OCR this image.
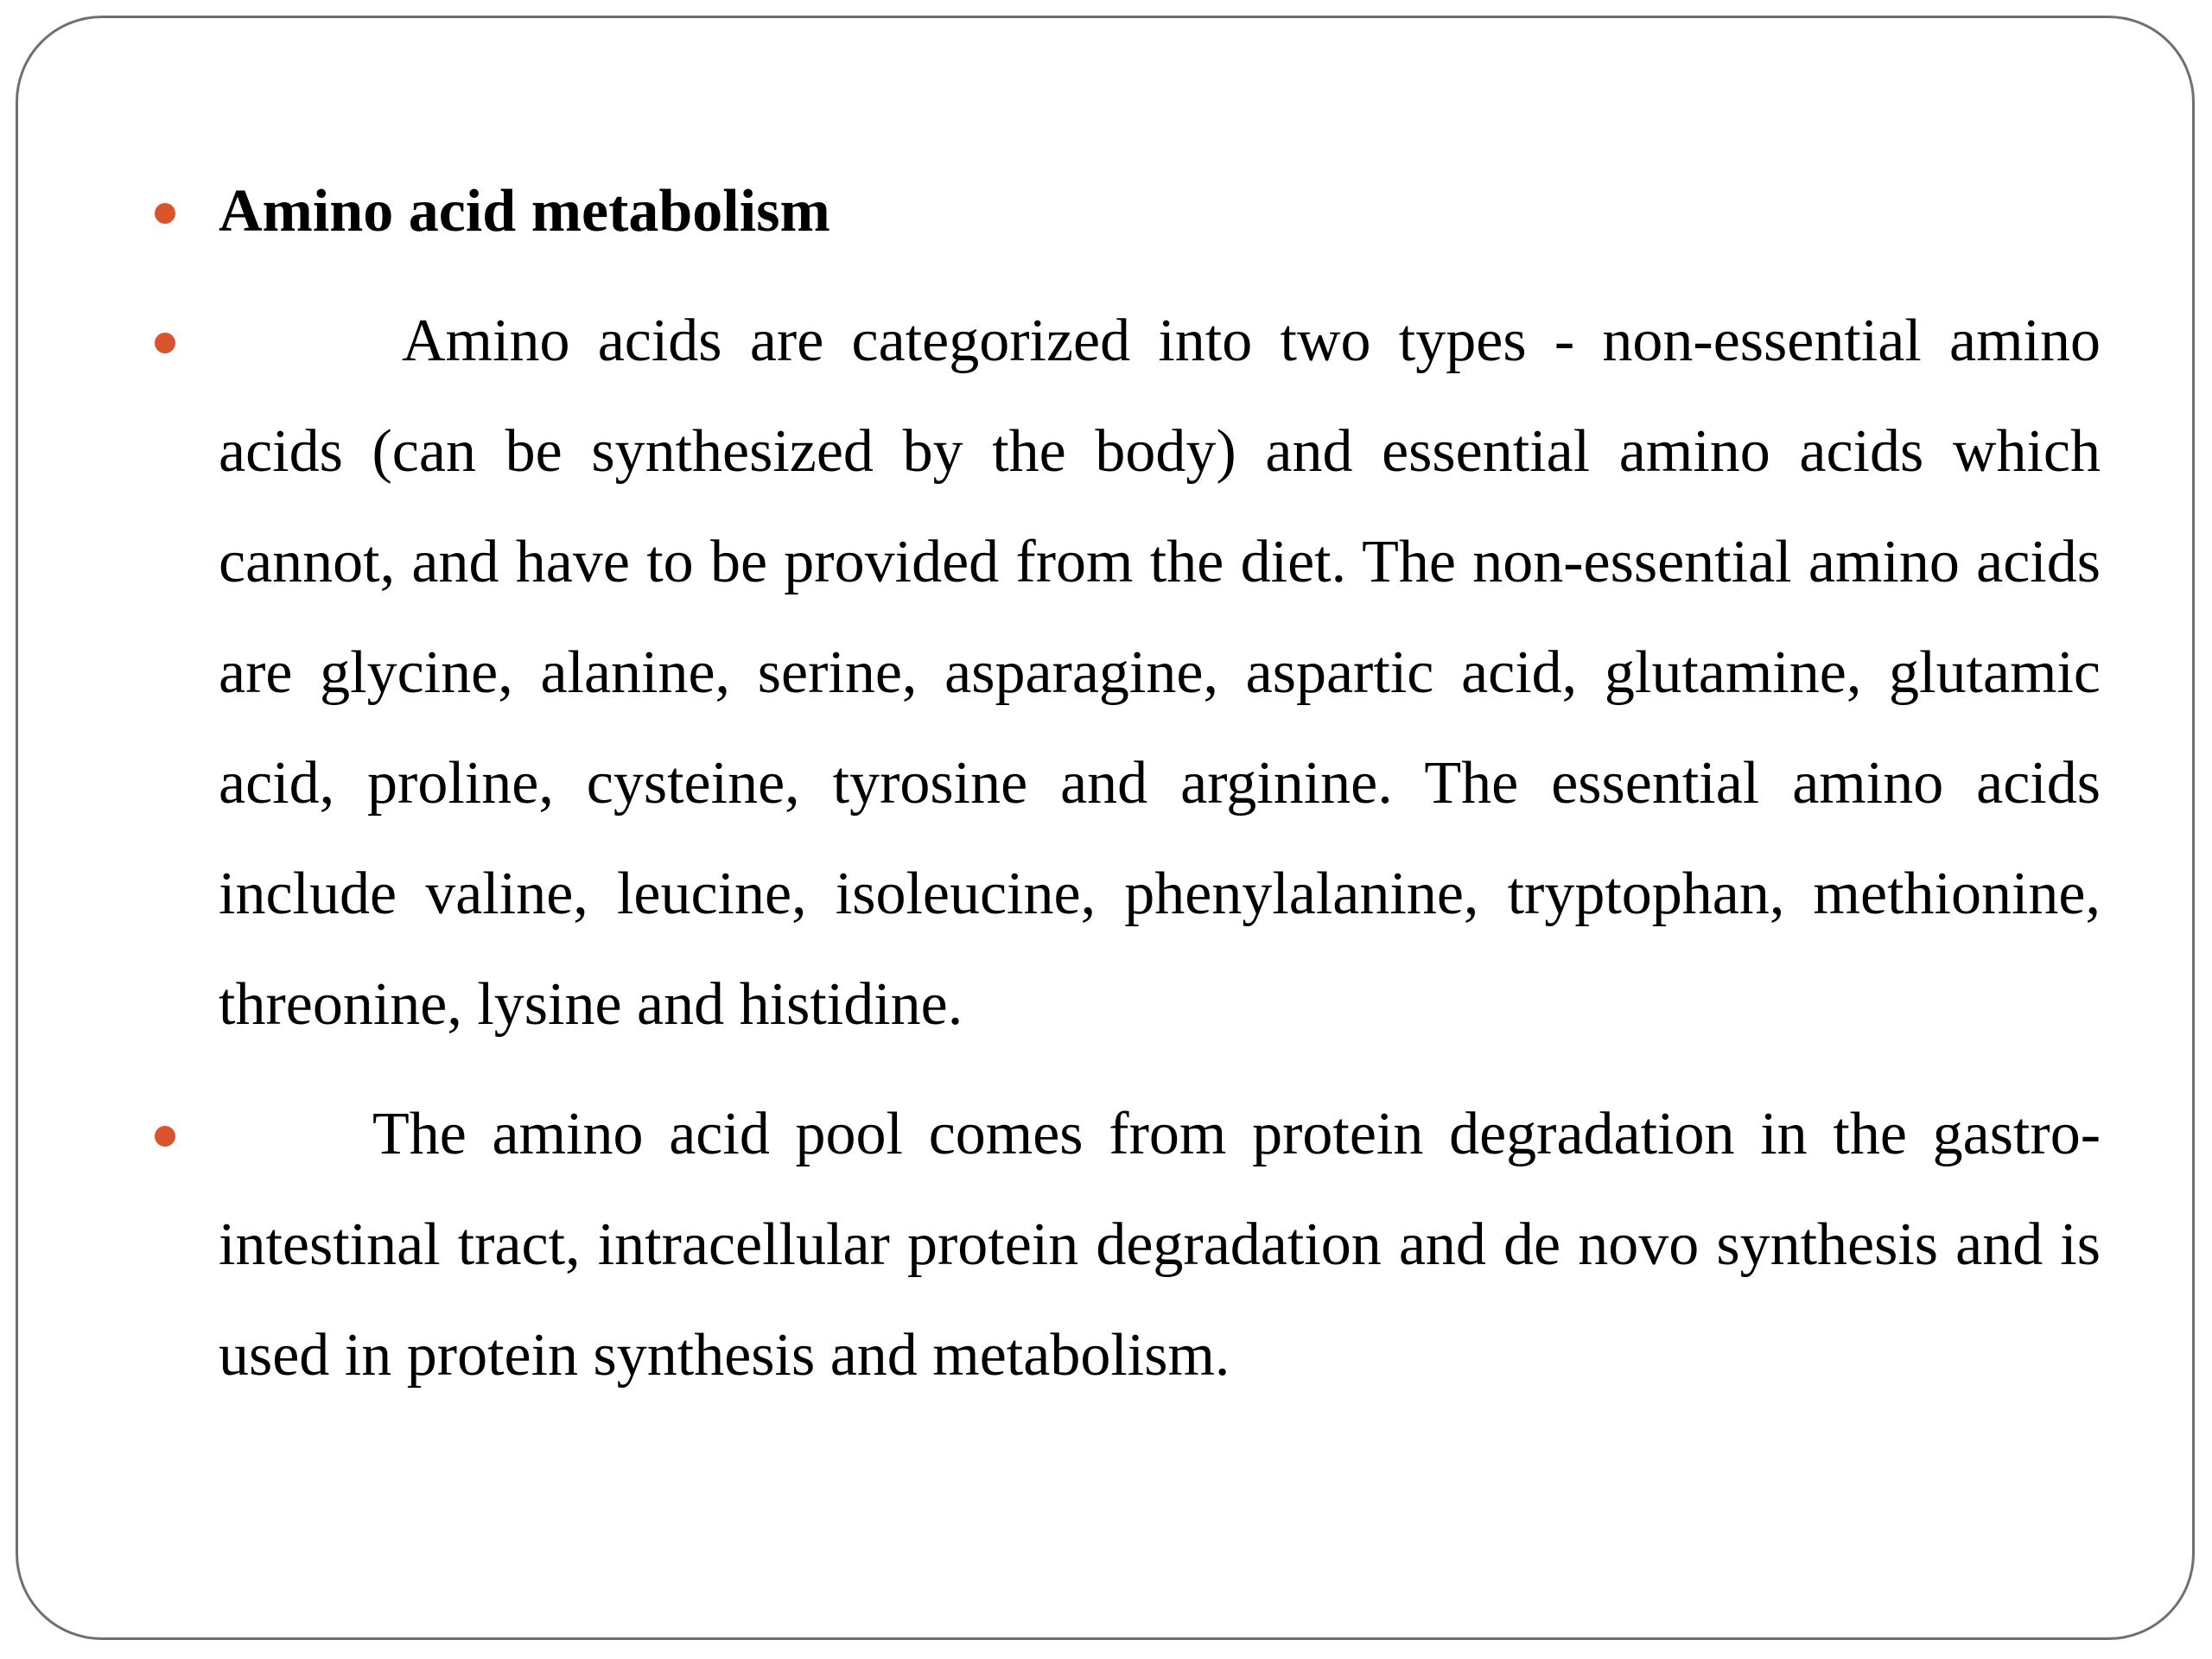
Amino acid metabolism
Amino acids are categorized into two types - non-essential amino acids (can be synthesized by the body) and essential amino acids which cannot, and have to be provided from the diet. The non-essential amino acids are glycine, alanine, serine, asparagine, aspartic acid, glutamine, glutamic acid, proline, cysteine, tyrosine and arginine. The essential amino acids include valine, leucine, isoleucine, phenylalanine, tryptophan, methionine, threonine, lysine and histidine.
The amino acid pool comes from protein degradation in the gastro-intestinal tract, intracellular protein degradation and de novo synthesis and is used in protein synthesis and metabolism.
